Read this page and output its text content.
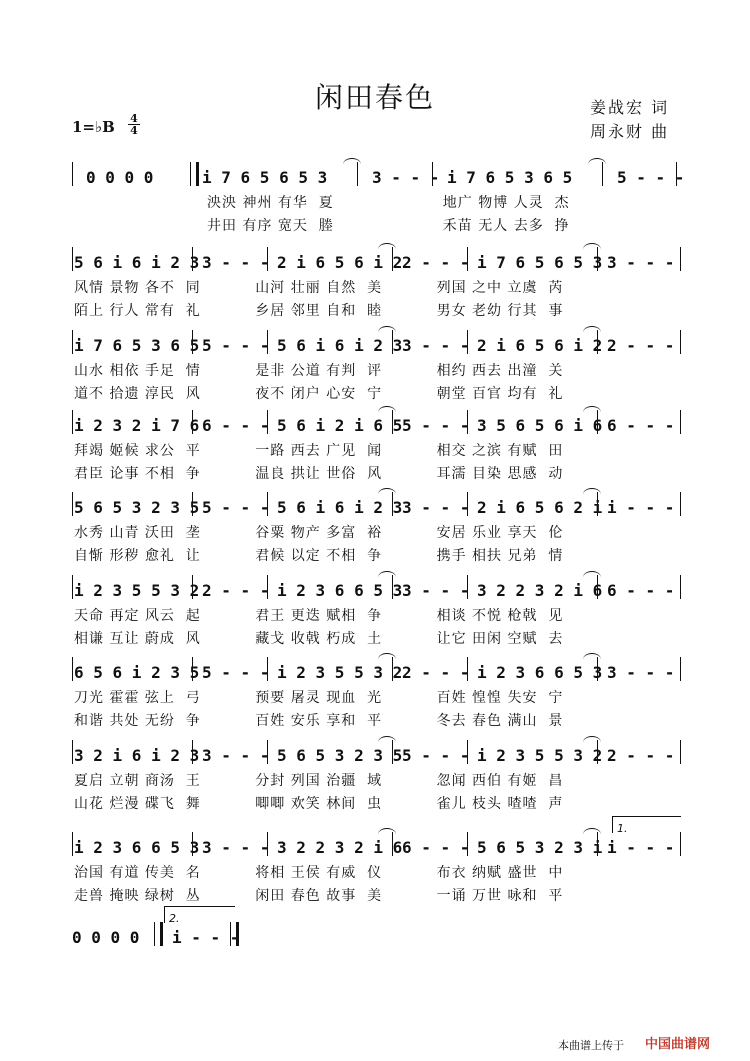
闲田春色	姜战宏 词
周永财 曲
1=♭B 4
4
0 0 0 0	i 7 6 5 6 5 3	3 - - - i 7 6 5 3 6 5	5 - - -
泱泱 神州 有华  夏                    地广 物博 人灵  杰
井田 有序 宽天  塍                    禾苗 无人 去多  挣
5 6 i 6 i 2 3 3 - - - 2 i 6 5 6 i 2 2 - - - i 7 6 5 6 5 3 3 - - -
风情 景物 各不  同          山河 壮丽 自然  美          列国 之中 立虞  芮
陌上 行人 常有  礼          乡居 邻里 自和  睦          男女 老幼 行其  事
i 7 6 5 3 6 5 5 - - - 5 6 i 6 i 2 3 3 - - - 2 i 6 5 6 i 2 2 - - -
山水 相依 手足  情          是非 公道 有判  评          相约 西去 出潼  关
道不 拾遗 淳民  风          夜不 闭户 心安  宁          朝堂 百官 均有  礼
i 2 3 2 i 7 6 6 - - - 5 6 i 2 i 6 5 5 - - - 3 5 6 5 6 i 6 6 - - -
拜竭 姬候 求公  平          一路 西去 广见  闻          相交 之滨 有赋  田
君臣 论事 不相  争          温良 拱让 世俗  风          耳濡 目染 思感  动
5 6 5 3 2 3 5 5 - - - 5 6 i 6 i 2 3 3 - - - 2 i 6 5 6 2 i i - - -
水秀 山青 沃田  垄          谷粟 物产 多富  裕          安居 乐业 享天  伦
自惭 形秽 愈礼  让          君候 以定 不相  争          携手 相扶 兄弟  情
i 2 3 5 5 3 2 2 - - - i 2 3 6 6 5 3 3 - - - 3 2 2 3 2 i 6 6 - - -
天命 再定 风云  起          君王 更迭 赋相  争          相谈 不悦 枪戟  见
相谦 互让 蔚成  风          藏戈 收戟 朽成  土          让它 田闲 空赋  去
6 5 6 i 2 3 5 5 - - - i 2 3 5 5 3 2 2 - - - i 2 3 6 6 5 3 3 - - -
刀光 霍霍 弦上  弓          预要 屠灵 现血  光          百姓 惶惶 失安  宁
和谐 共处 无纷  争          百姓 安乐 享和  平          冬去 春色 满山  景
3 2 i 6 i 2 3 3 - - - 5 6 5 3 2 3 5 5 - - - i 2 3 5 5 3 2 2 - - -
夏启 立朝 商汤  王          分封 列国 治疆  域          忽闻 西伯 有姬  昌
山花 烂漫 碟飞  舞          唧唧 欢笑 林间  虫          雀儿 枝头 喳喳  声
i 2 3 6 6 5 3 3 - - - 3 2 2 3 2 i 6 6 - - - 5 6 5 3 2 3 i i - - -
1.
治国 有道 传美  名          将相 王侯 有威  仪          布衣 纳赋 盛世  中
走兽 掩映 绿树  丛          闲田 春色 故事  美          一诵 万世 咏和  平
2.
0 0 0 0 i - - -
本曲谱上传于 中国曲谱网
